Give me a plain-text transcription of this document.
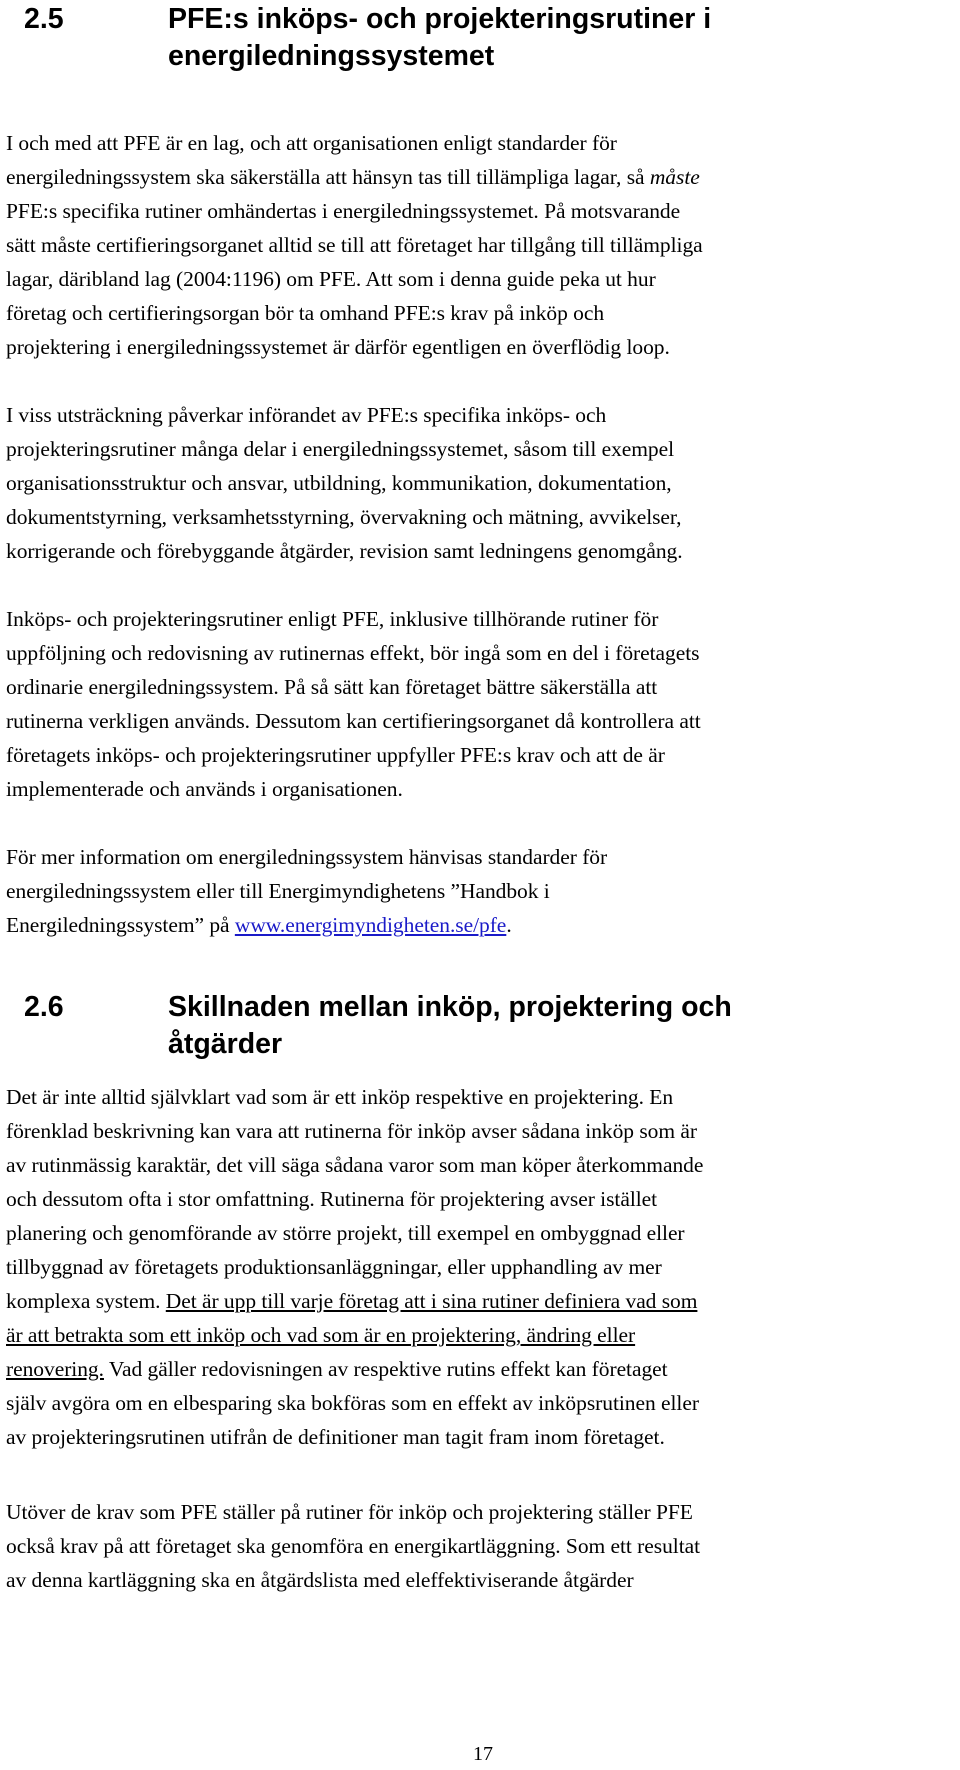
2.5	PFE:s inköps- och projekteringsrutiner i
energiledningssystemet

I och med att PFE är en lag, och att organisationen enligt standarder för
energiledningssystem ska säkerställa att hänsyn tas till tillämpliga lagar, så måste
PFE:s specifika rutiner omhändertas i energiledningssystemet. På motsvarande
sätt måste certifieringsorganet alltid se till att företaget har tillgång till tillämpliga
lagar, däribland lag (2004:1196) om PFE. Att som i denna guide peka ut hur
företag och certifieringsorgan bör ta omhand PFE:s krav på inköp och
projektering i energiledningssystemet är därför egentligen en överflödig loop.

I viss utsträckning påverkar införandet av PFE:s specifika inköps- och
projekteringsrutiner många delar i energiledningssystemet, såsom till exempel
organisationsstruktur och ansvar, utbildning, kommunikation, dokumentation,
dokumentstyrning, verksamhetsstyrning, övervakning och mätning, avvikelser,
korrigerande och förebyggande åtgärder, revision samt ledningens genomgång.

Inköps- och projekteringsrutiner enligt PFE, inklusive tillhörande rutiner för
uppföljning och redovisning av rutinernas effekt, bör ingå som en del i företagets
ordinarie energiledningssystem. På så sätt kan företaget bättre säkerställa att
rutinerna verkligen används. Dessutom kan certifieringsorganet då kontrollera att
företagets inköps- och projekteringsrutiner uppfyller PFE:s krav och att de är
implementerade och används i organisationen.

För mer information om energiledningssystem hänvisas standarder för
energiledningssystem eller till Energimyndighetens ”Handbok i
Energiledningssystem” på www.energimyndigheten.se/pfe.

2.6	Skillnaden mellan inköp, projektering och
åtgärder

Det är inte alltid självklart vad som är ett inköp respektive en projektering. En
förenklad beskrivning kan vara att rutinerna för inköp avser sådana inköp som är
av rutinmässig karaktär, det vill säga sådana varor som man köper återkommande
och dessutom ofta i stor omfattning. Rutinerna för projektering avser istället
planering och genomförande av större projekt, till exempel en ombyggnad eller
tillbyggnad av företagets produktionsanläggningar, eller upphandling av mer
komplexa system. Det är upp till varje företag att i sina rutiner definiera vad som
är att betrakta som ett inköp och vad som är en projektering, ändring eller
renovering. Vad gäller redovisningen av respektive rutins effekt kan företaget
själv avgöra om en elbesparing ska bokföras som en effekt av inköpsrutinen eller
av projekteringsrutinen utifrån de definitioner man tagit fram inom företaget.

Utöver de krav som PFE ställer på rutiner för inköp och projektering ställer PFE
också krav på att företaget ska genomföra en energikartläggning. Som ett resultat
av denna kartläggning ska en åtgärdslista med eleffektiviserande åtgärder

17
